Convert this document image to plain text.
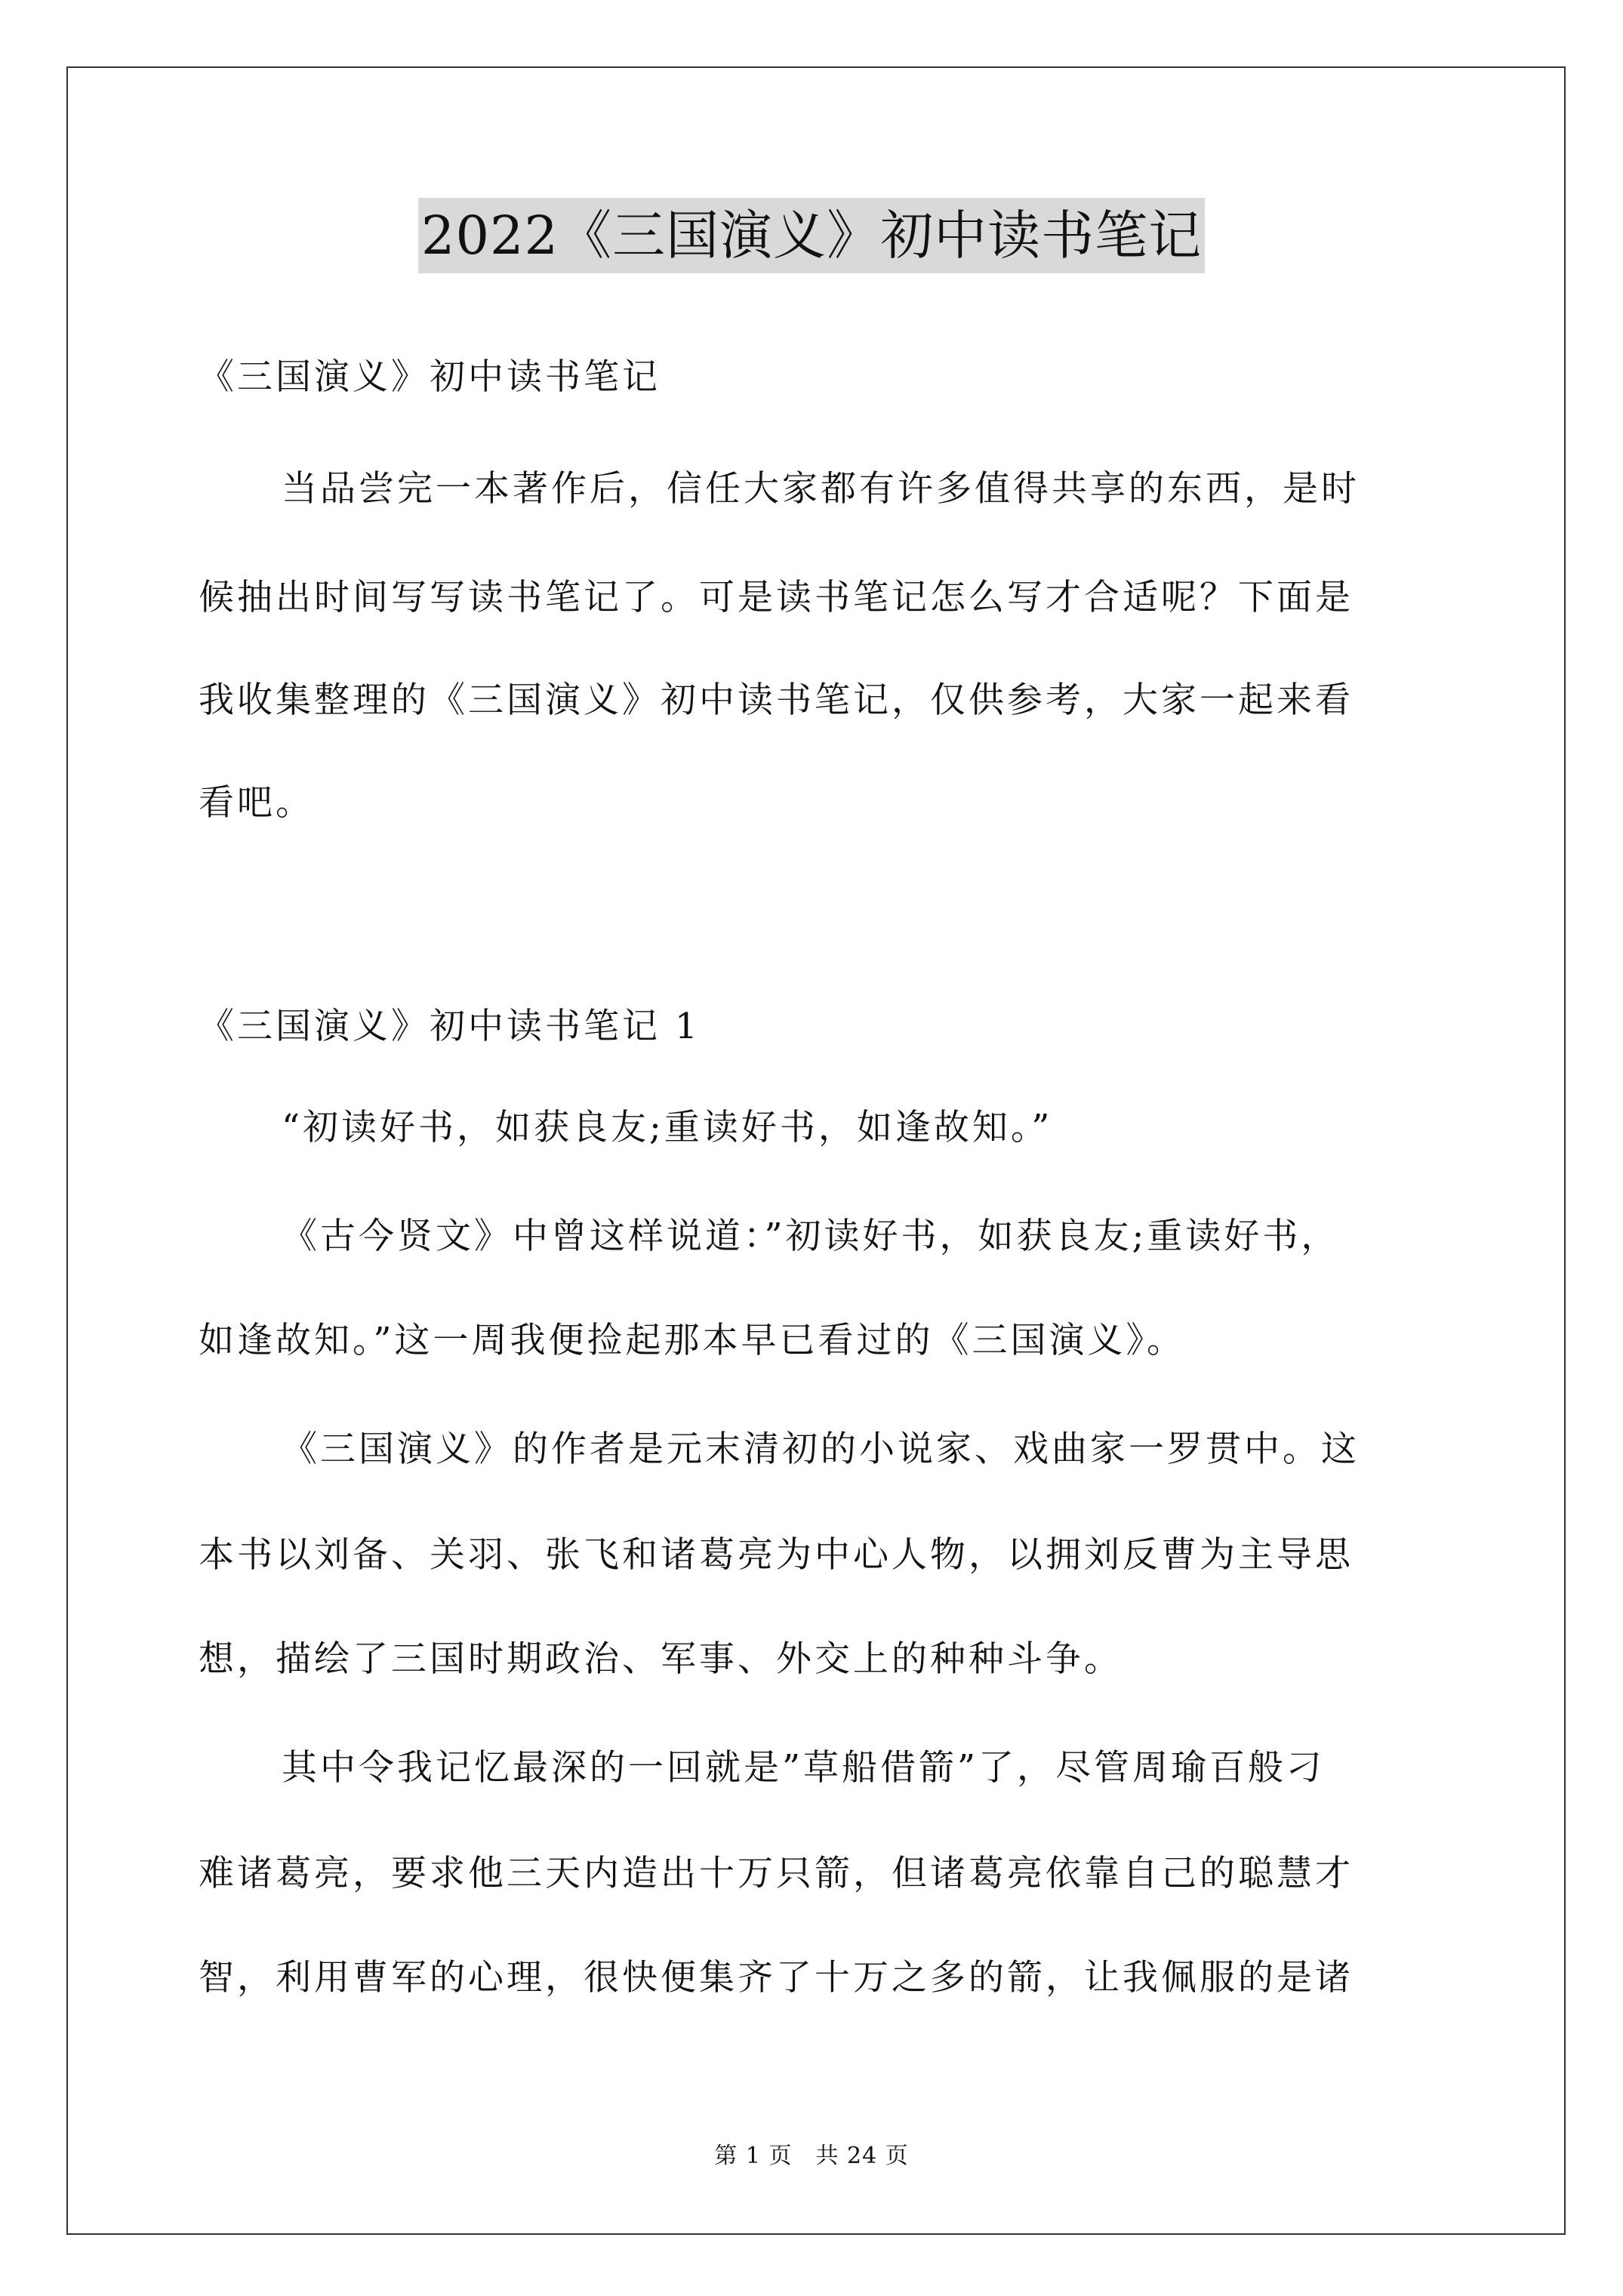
2022《三国演义》初中读书笔记
《三国演义》初中读书笔记
当品尝完一本著作后，信任大家都有许多值得共享的东西，是时
候抽出时间写写读书笔记了。可是读书笔记怎么写才合适呢？下面是
我收集整理的《三国演义》初中读书笔记，仅供参考，大家一起来看
看吧。
《三国演义》初中读书笔记 1
“初读好书，如获良友;重读好书，如逢故知。”
《古今贤文》中曾这样说道：”初读好书，如获良友;重读好书，
如逢故知。”这一周我便捡起那本早已看过的《三国演义》。
《三国演义》的作者是元末清初的小说家、戏曲家一罗贯中。这
本书以刘备、关羽、张飞和诸葛亮为中心人物，以拥刘反曹为主导思
想，描绘了三国时期政治、军事、外交上的种种斗争。
其中令我记忆最深的一回就是”草船借箭”了，尽管周瑜百般刁
难诸葛亮，要求他三天内造出十万只箭，但诸葛亮依靠自己的聪慧才
智，利用曹军的心理，很快便集齐了十万之多的箭，让我佩服的是诸
第 1 页　共 24 页
